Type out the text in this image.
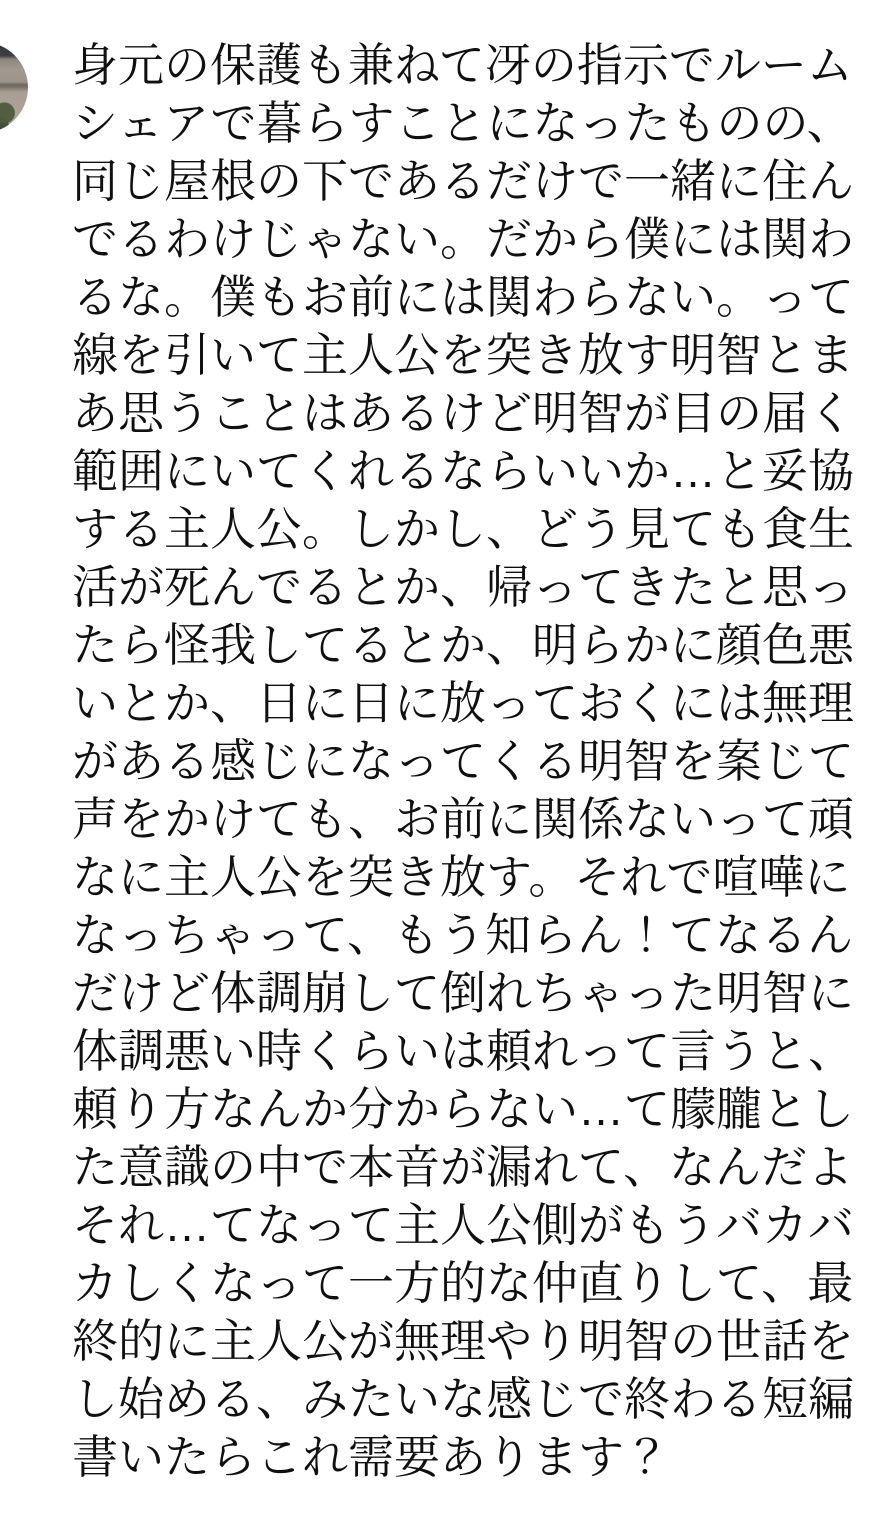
身元の保護も兼ねて冴の指示でルーム
シェアで暮らすことになったものの、
同じ屋根の下であるだけで一緒に住ん
でるわけじゃない。だから僕には関わ
るな。僕もお前には関わらない。って
線を引いて主人公を突き放す明智とま
あ思うことはあるけど明智が目の届く
範囲にいてくれるならいいか…と妥協
する主人公。しかし、どう見ても食生
活が死んでるとか、帰ってきたと思っ
たら怪我してるとか、明らかに顔色悪
いとか、日に日に放っておくには無理
がある感じになってくる明智を案じて
声をかけても、お前に関係ないって頑
なに主人公を突き放す。それで喧嘩に
なっちゃって、もう知らん！てなるん
だけど体調崩して倒れちゃった明智に
体調悪い時くらいは頼れって言うと、
頼り方なんか分からない…て朦朧とし
た意識の中で本音が漏れて、なんだよ
それ…てなって主人公側がもうバカバ
カしくなって一方的な仲直りして、最
終的に主人公が無理やり明智の世話を
し始める、みたいな感じで終わる短編
書いたらこれ需要あります？
